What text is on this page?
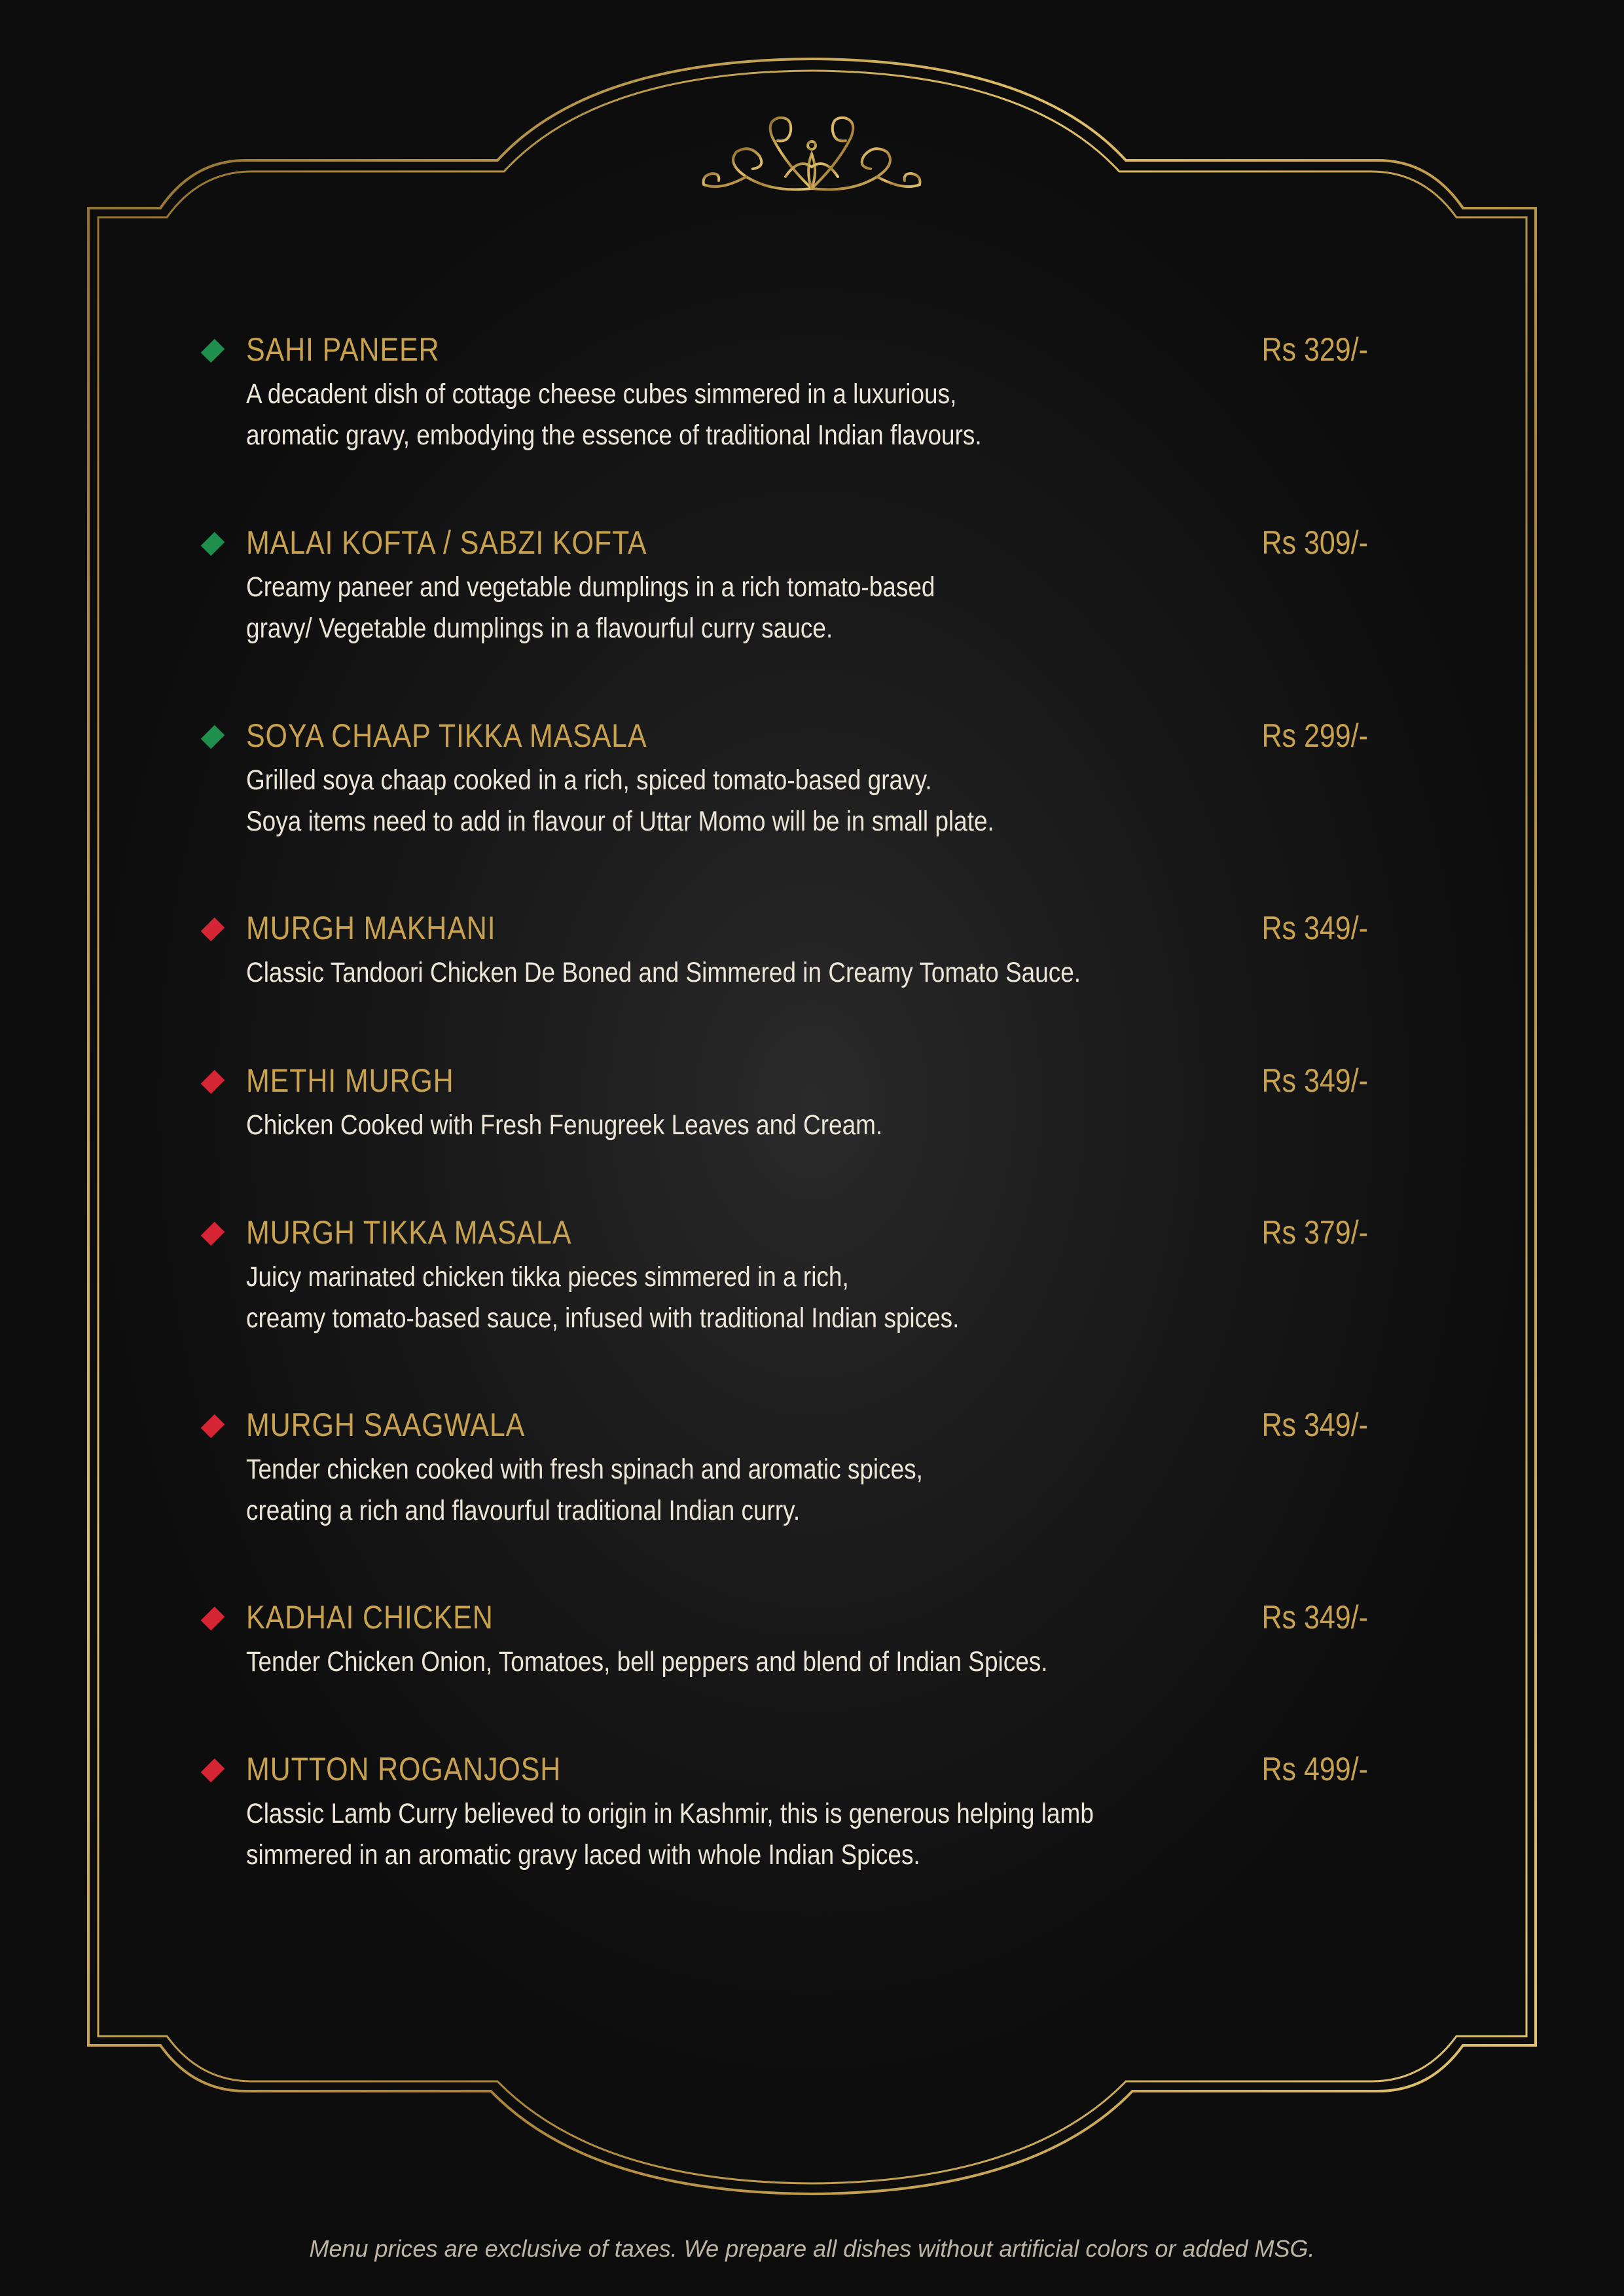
SAHI PANEER	Rs 329/-
A decadent dish of cottage cheese cubes simmered in a luxurious,
aromatic gravy, embodying the essence of traditional Indian flavours.
MALAI KOFTA / SABZI KOFTA	Rs 309/-
Creamy paneer and vegetable dumplings in a rich tomato-based
gravy/ Vegetable dumplings in a flavourful curry sauce.
SOYA CHAAP TIKKA MASALA	Rs 299/-
Grilled soya chaap cooked in a rich, spiced tomato-based gravy.
Soya items need to add in flavour of Uttar Momo will be in small plate.
MURGH MAKHANI	Rs 349/-
Classic Tandoori Chicken De Boned and Simmered in Creamy Tomato Sauce.
METHI MURGH	Rs 349/-
Chicken Cooked with Fresh Fenugreek Leaves and Cream.
MURGH TIKKA MASALA	Rs 379/-
Juicy marinated chicken tikka pieces simmered in a rich,
creamy tomato-based sauce, infused with traditional Indian spices.
MURGH SAAGWALA	Rs 349/-
Tender chicken cooked with fresh spinach and aromatic spices,
creating a rich and flavourful traditional Indian curry.
KADHAI CHICKEN	Rs 349/-
Tender Chicken Onion, Tomatoes, bell peppers and blend of Indian Spices.
MUTTON ROGANJOSH	Rs 499/-
Classic Lamb Curry believed to origin in Kashmir, this is generous helping lamb
simmered in an aromatic gravy laced with whole Indian Spices.
Menu prices are exclusive of taxes. We prepare all dishes without artificial colors or added MSG.
